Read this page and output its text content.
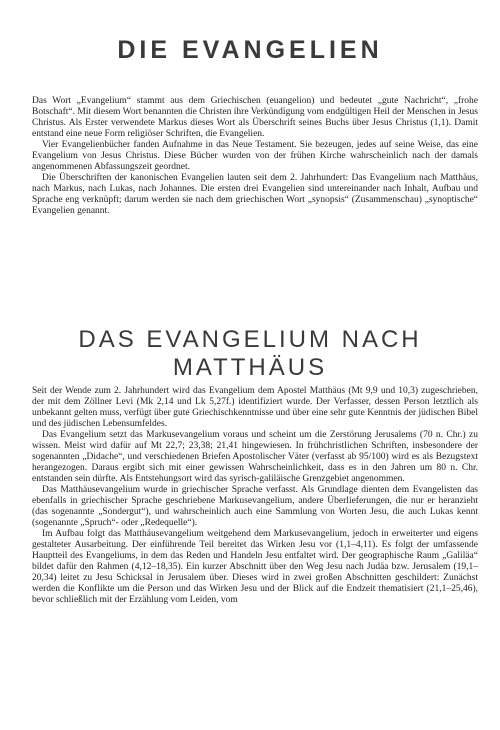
DIE EVANGELIEN

Das Wort „Evangelium“ stammt aus dem Griechischen (euangelion) und bedeutet „gute Nachricht“, „frohe Botschaft“. Mit diesem Wort benannten die Christen ihre Verkündigung vom endgültigen Heil der Menschen in Jesus Christus. Als Erster verwendete Markus dieses Wort als Überschrift seines Buchs über Jesus Christus (1,1). Damit entstand eine neue Form religiöser Schriften, die Evangelien.

Vier Evangelienbücher fanden Aufnahme in das Neue Testament. Sie bezeugen, jedes auf seine Weise, das eine Evangelium von Jesus Christus. Diese Bücher wurden von der frühen Kirche wahrscheinlich nach der damals angenommenen Abfassungszeit geordnet.

Die Überschriften der kanonischen Evangelien lauten seit dem 2. Jahrhundert: Das Evangelium nach Matthäus, nach Markus, nach Lukas, nach Johannes. Die ersten drei Evangelien sind untereinander nach Inhalt, Aufbau und Sprache eng verknüpft; darum werden sie nach dem griechischen Wort „synopsis“ (Zusammenschau) „synoptische“ Evangelien genannt.

DAS EVANGELIUM NACH
MATTHÄUS

Seit der Wende zum 2. Jahrhundert wird das Evangelium dem Apostel Matthäus (Mt 9,9 und 10,3) zugeschrieben, der mit dem Zöllner Levi (Mk 2,14 und Lk 5,27f.) identifiziert wurde. Der Verfasser, dessen Person letztlich als unbekannt gelten muss, verfügt über gute Griechischkenntnisse und über eine sehr gute Kenntnis der jüdischen Bibel und des jüdischen Lebensumfeldes.

Das Evangelium setzt das Markusevangelium voraus und scheint um die Zerstörung Jerusalems (70 n. Chr.) zu wissen. Meist wird dafür auf Mt 22,7; 23,38; 21,41 hingewiesen. In frühchristlichen Schriften, insbesondere der sogenannten „Didache“, und verschiedenen Briefen Apostolischer Väter (verfasst ab 95/100) wird es als Bezugstext herangezogen. Daraus ergibt sich mit einer gewissen Wahrscheinlichkeit, dass es in den Jahren um 80 n. Chr. entstanden sein dürfte. Als Entstehungsort wird das syrisch-galiläische Grenzgebiet angenommen.

Das Matthäusevangelium wurde in griechischer Sprache verfasst. Als Grundlage dienten dem Evangelisten das ebenfalls in griechischer Sprache geschriebene Markusevangelium, andere Überlieferungen, die nur er heranzieht (das sogenannte „Sondergut“), und wahrscheinlich auch eine Sammlung von Worten Jesu, die auch Lukas kennt (sogenannte „Spruch“- oder „Redequelle“).

Im Aufbau folgt das Matthäusevangelium weitgehend dem Markusevangelium, jedoch in erweiterter und eigens gestalteter Ausarbeitung. Der einführende Teil bereitet das Wirken Jesu vor (1,1–4,11). Es folgt der umfassende Hauptteil des Evangeliums, in dem das Reden und Handeln Jesu entfaltet wird. Der geographische Raum „Galiläa“ bildet dafür den Rahmen (4,12–18,35). Ein kurzer Abschnitt über den Weg Jesu nach Judäa bzw. Jerusalem (19,1–20,34) leitet zu Jesu Schicksal in Jerusalem über. Dieses wird in zwei großen Abschnitten geschildert: Zunächst werden die Konflikte um die Person und das Wirken Jesu und der Blick auf die Endzeit thematisiert (21,1–25,46), bevor schließlich mit der Erzählung vom Leiden, vom
